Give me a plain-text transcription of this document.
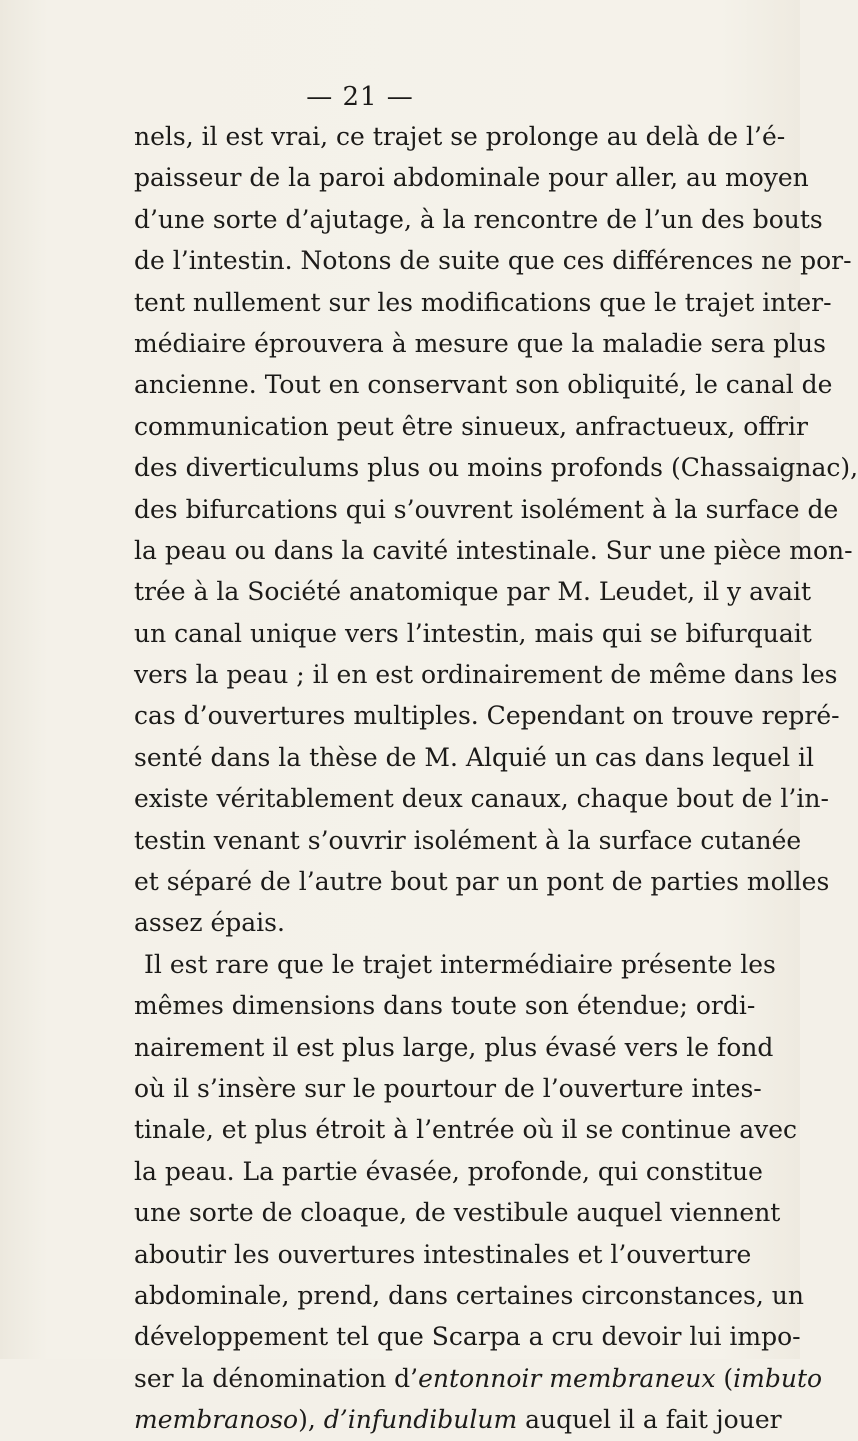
— 21 —
nels, il est vrai, ce trajet se prolonge au delà de l’é-
paisseur de la paroi abdominale pour aller, au moyen
d’une sorte d’ajutage, à la rencontre de l’un des bouts
de l’intestin. Notons de suite que ces différences ne por-
tent nullement sur les modifications que le trajet inter-
médiaire éprouvera à mesure que la maladie sera plus
ancienne. Tout en conservant son obliquité, le canal de
communication peut être sinueux, anfractueux, offrir
des diverticulums plus ou moins profonds (Chassaignac),
des bifurcations qui s’ouvrent isolément à la surface de
la peau ou dans la cavité intestinale. Sur une pièce mon-
trée à la Société anatomique par M. Leudet, il y avait
un canal unique vers l’intestin, mais qui se bifurquait
vers la peau ; il en est ordinairement de même dans les
cas d’ouvertures multiples. Cependant on trouve repré-
senté dans la thèse de M. Alquié un cas dans lequel il
existe véritablement deux canaux, chaque bout de l’in-
testin venant s’ouvrir isolément à la surface cutanée
et séparé de l’autre bout par un pont de parties molles
assez épais.
Il est rare que le trajet intermédiaire présente les
mêmes dimensions dans toute son étendue; ordi-
nairement il est plus large, plus évasé vers le fond
où il s’insère sur le pourtour de l’ouverture intes-
tinale, et plus étroit à l’entrée où il se continue avec
la peau. La partie évasée, profonde, qui constitue
une sorte de cloaque, de vestibule auquel viennent
aboutir les ouvertures intestinales et l’ouverture
abdominale, prend, dans certaines circonstances, un
développement tel que Scarpa a cru devoir lui impo-
ser la dénomination d’entonnoir membraneux (imbuto
membranoso), d’infundibulum auquel il a fait jouer
